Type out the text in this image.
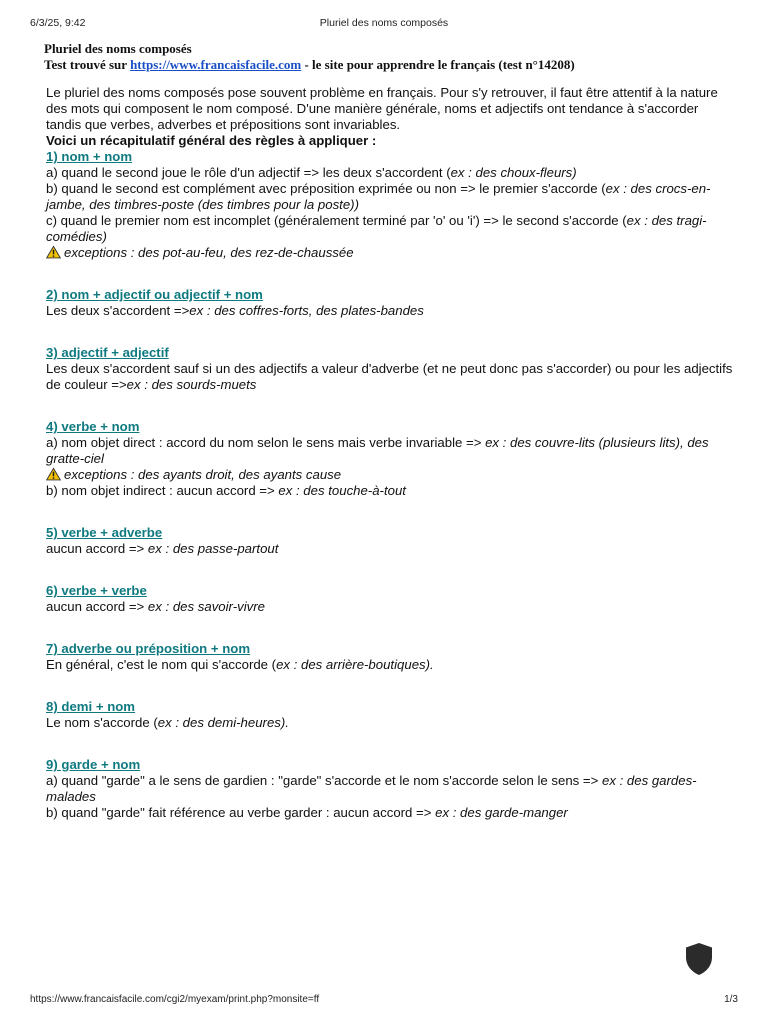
6/3/25, 9:42	Pluriel des noms composés
Pluriel des noms composés
Test trouvé sur https://www.francaisfacile.com - le site pour apprendre le français (test n°14208)

Le pluriel des noms composés pose souvent problème en français. Pour s'y retrouver, il faut être attentif à la nature des mots qui composent le nom composé. D'une manière générale, noms et adjectifs ont tendance à s'accorder tandis que verbes, adverbes et prépositions sont invariables.

Voici un récapitulatif général des règles à appliquer :

1) nom + nom

a) quand le second joue le rôle d'un adjectif => les deux s'accordent (ex : des choux-fleurs)

b) quand le second est complément avec préposition exprimée ou non => le premier s'accorde (ex : des crocs-en-jambe, des timbres-poste (des timbres pour la poste))

c) quand le premier nom est incomplet (généralement terminé par 'o' ou 'i') => le second s'accorde (ex : des tragi-comédies)

exceptions : des pot-au-feu, des rez-de-chaussée

2) nom + adjectif ou adjectif + nom

Les deux s'accordent =>ex : des coffres-forts, des plates-bandes

3) adjectif + adjectif

Les deux s'accordent sauf si un des adjectifs a valeur d'adverbe (et ne peut donc pas s'accorder) ou pour les adjectifs de couleur =>ex : des sourds-muets

4) verbe + nom

a) nom objet direct : accord du nom selon le sens mais verbe invariable => ex : des couvre-lits (plusieurs lits), des gratte-ciel

exceptions : des ayants droit, des ayants cause

b) nom objet indirect : aucun accord => ex : des touche-à-tout

5) verbe + adverbe

aucun accord => ex : des passe-partout

6) verbe + verbe

aucun accord => ex : des savoir-vivre

7) adverbe ou préposition + nom

En général, c'est le nom qui s'accorde (ex : des arrière-boutiques).

8) demi + nom

Le nom s'accorde (ex : des demi-heures).

9) garde + nom

a) quand "garde" a le sens de gardien : "garde" s'accorde et le nom s'accorde selon le sens => ex : des gardes-malades

b) quand "garde" fait référence au verbe garder : aucun accord => ex : des garde-manger

https://www.francaisfacile.com/cgi2/myexam/print.php?monsite=ff	1/3
